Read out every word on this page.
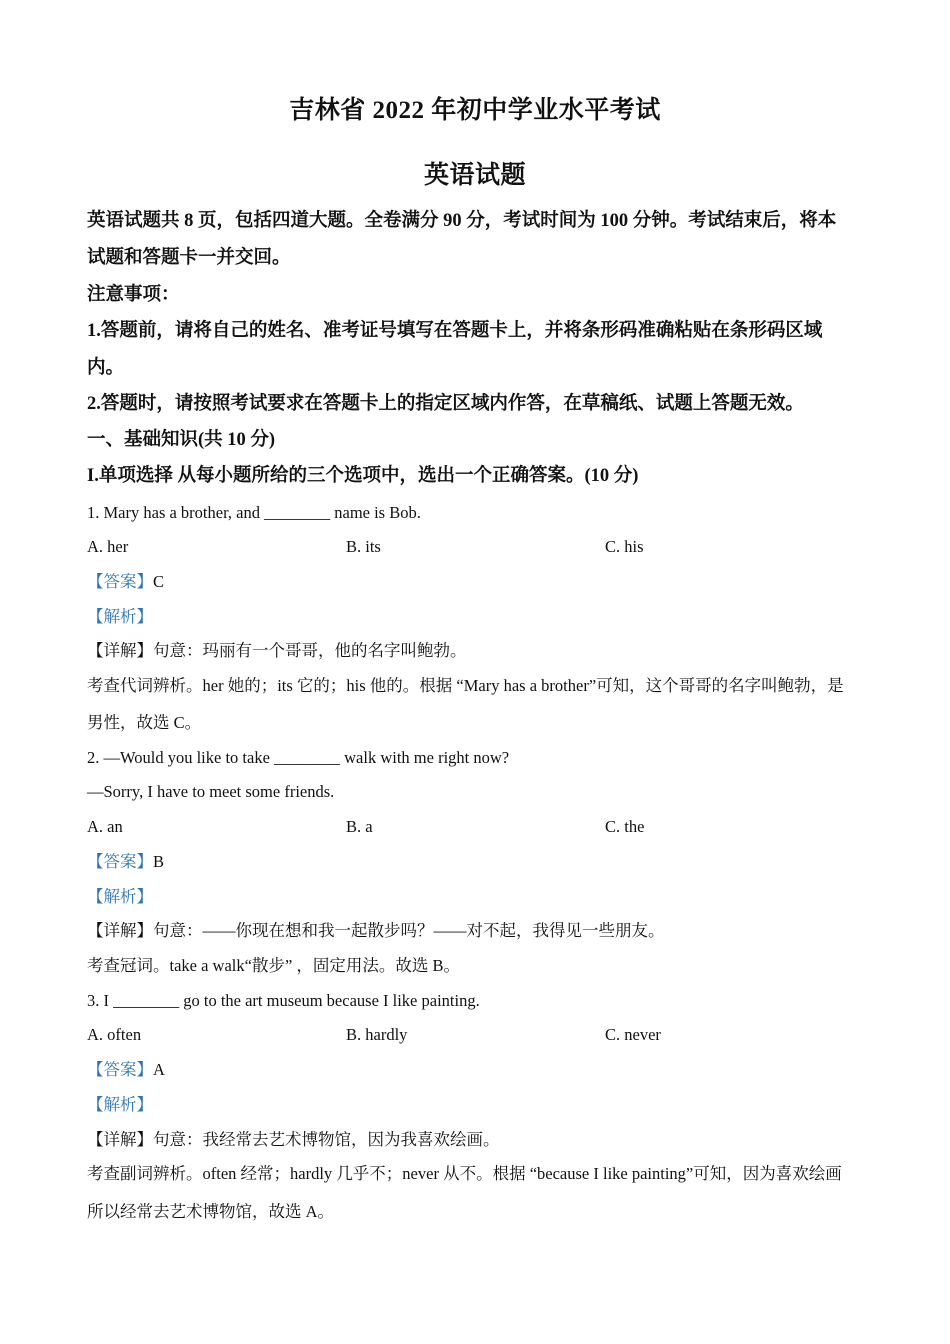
吉林省 2022 年初中学业水平考试
英语试题
英语试题共 8 页，包括四道大题。全卷满分 90 分，考试时间为 100 分钟。考试结束后，将本
试题和答题卡一并交回。
注意事项：
1.答题前，请将自己的姓名、准考证号填写在答题卡上，并将条形码准确粘贴在条形码区域
内。
2.答题时，请按照考试要求在答题卡上的指定区域内作答，在草稿纸、试题上答题无效。
一、基础知识(共 10 分)
I.单项选择 从每小题所给的三个选项中，选出一个正确答案。(10 分)
1. Mary has a brother, and ________ name is Bob.
A. her	B. its	C. his
【答案】C
【解析】
【详解】句意：玛丽有一个哥哥，他的名字叫鲍勃。
考查代词辨析。her 她的；its 它的；his 他的。根据 “Mary has a brother”可知，这个哥哥的名字叫鲍勃，是
男性，故选 C。
2. —Would you like to take ________ walk with me right now?
—Sorry, I have to meet some friends.
A. an	B. a	C. the
【答案】B
【解析】
【详解】句意：——你现在想和我一起散步吗？——对不起，我得见一些朋友。
考查冠词。take a walk“散步” ，固定用法。故选 B。
3. I ________ go to the art museum because I like painting.
A. often	B. hardly	C. never
【答案】A
【解析】
【详解】句意：我经常去艺术博物馆，因为我喜欢绘画。
考查副词辨析。often 经常；hardly 几乎不；never 从不。根据 “because I like painting”可知，因为喜欢绘画
所以经常去艺术博物馆，故选 A。
